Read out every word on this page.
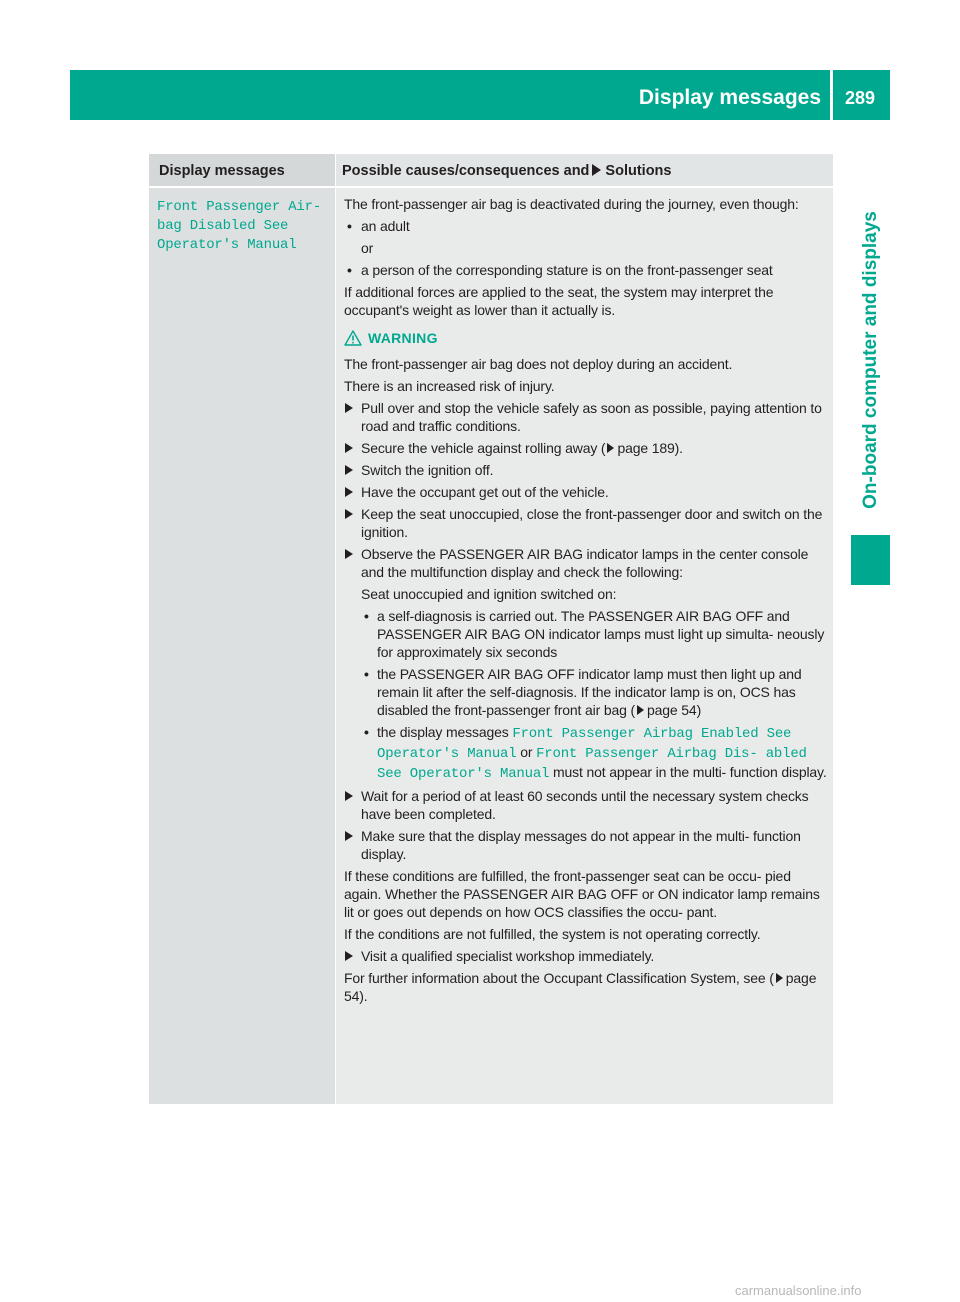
Display messages	289
On-board computer and displays
Display messages	Possible causes/consequences and Solutions
Front Passenger Air‐
bag Disabled See
Operator's Manual

The front-passenger air bag is deactivated during the journey, even though:

• an adult
or
• a person of the corresponding stature is on the front-passenger seat

If additional forces are applied to the seat, the system may interpret the occupant's weight as lower than it actually is.

WARNING

The front-passenger air bag does not deploy during an accident.

There is an increased risk of injury.

Pull over and stop the vehicle safely as soon as possible, paying attention to road and traffic conditions.
Secure the vehicle against rolling away ( page 189).
Switch the ignition off.
Have the occupant get out of the vehicle.
Keep the seat unoccupied, close the front-passenger door and switch on the ignition.
Observe the PASSENGER AIR BAG indicator lamps in the center console and the multifunction display and check the following:
Seat unoccupied and ignition switched on:
• a self-diagnosis is carried out. The PASSENGER AIR BAG OFF and PASSENGER AIR BAG ON indicator lamps must light up simulta‐ neously for approximately six seconds
• the PASSENGER AIR BAG OFF indicator lamp must then light up and remain lit after the self-diagnosis. If the indicator lamp is on, OCS has disabled the front-passenger front air bag ( page 54)
• the display messages Front Passenger Airbag Enabled See Operator's Manual or Front Passenger Airbag Dis‐ abled See Operator's Manual must not appear in the multi‐ function display.
Wait for a period of at least 60 seconds until the necessary system checks have been completed.
Make sure that the display messages do not appear in the multi‐ function display.

If these conditions are fulfilled, the front-passenger seat can be occu‐ pied again. Whether the PASSENGER AIR BAG OFF or ON indicator lamp remains lit or goes out depends on how OCS classifies the occu‐ pant.

If the conditions are not fulfilled, the system is not operating correctly.

Visit a qualified specialist workshop immediately.

For further information about the Occupant Classification System, see ( page 54).

carmanualsonline.info
